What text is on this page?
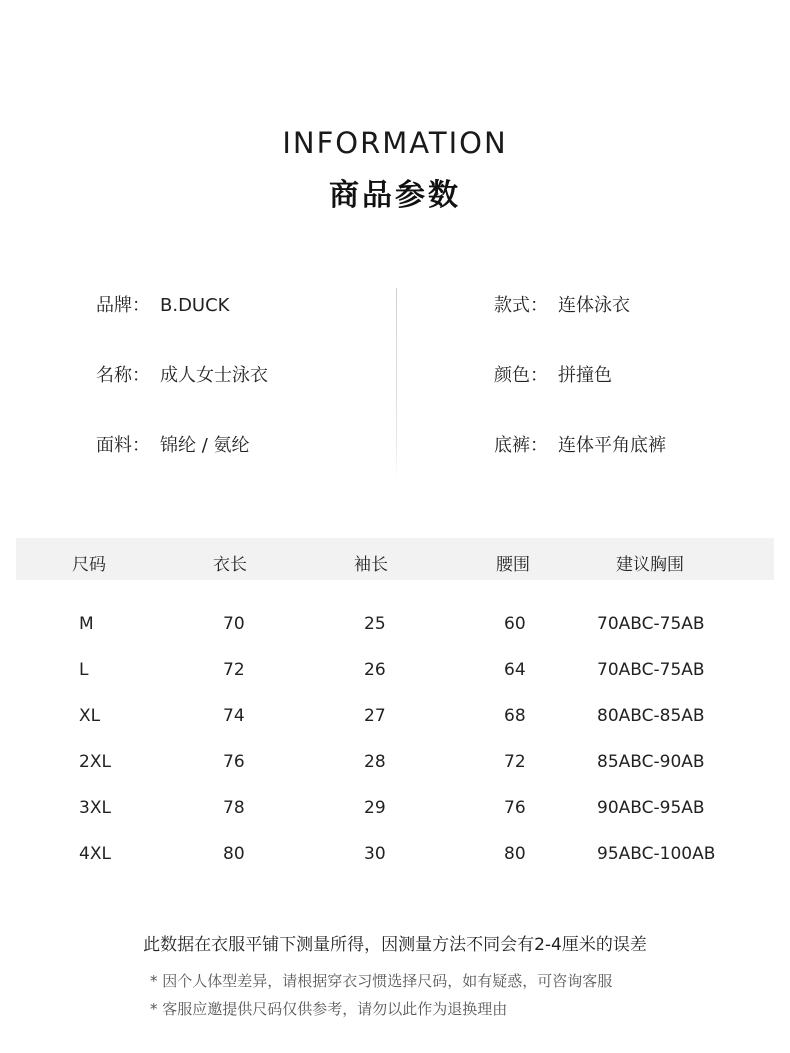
INFORMATION
商品参数
品牌： B.DUCK
名称： 成人女士泳衣
面料： 锦纶 / 氨纶
款式： 连体泳衣
颜色： 拼撞色
底裤： 连体平角底裤
尺码	衣长	袖长	腰围	建议胸围
M	70	25	60	70ABC-75AB
L	72	26	64	70ABC-75AB
XL	74	27	68	80ABC-85AB
2XL	76	28	72	85ABC-90AB
3XL	78	29	76	90ABC-95AB
4XL	80	30	80	95ABC-100AB
此数据在衣服平铺下测量所得，因测量方法不同会有2-4厘米的误差
* 因个人体型差异，请根据穿衣习惯选择尺码，如有疑惑，可咨询客服
* 客服应邀提供尺码仅供参考，请勿以此作为退换理由
